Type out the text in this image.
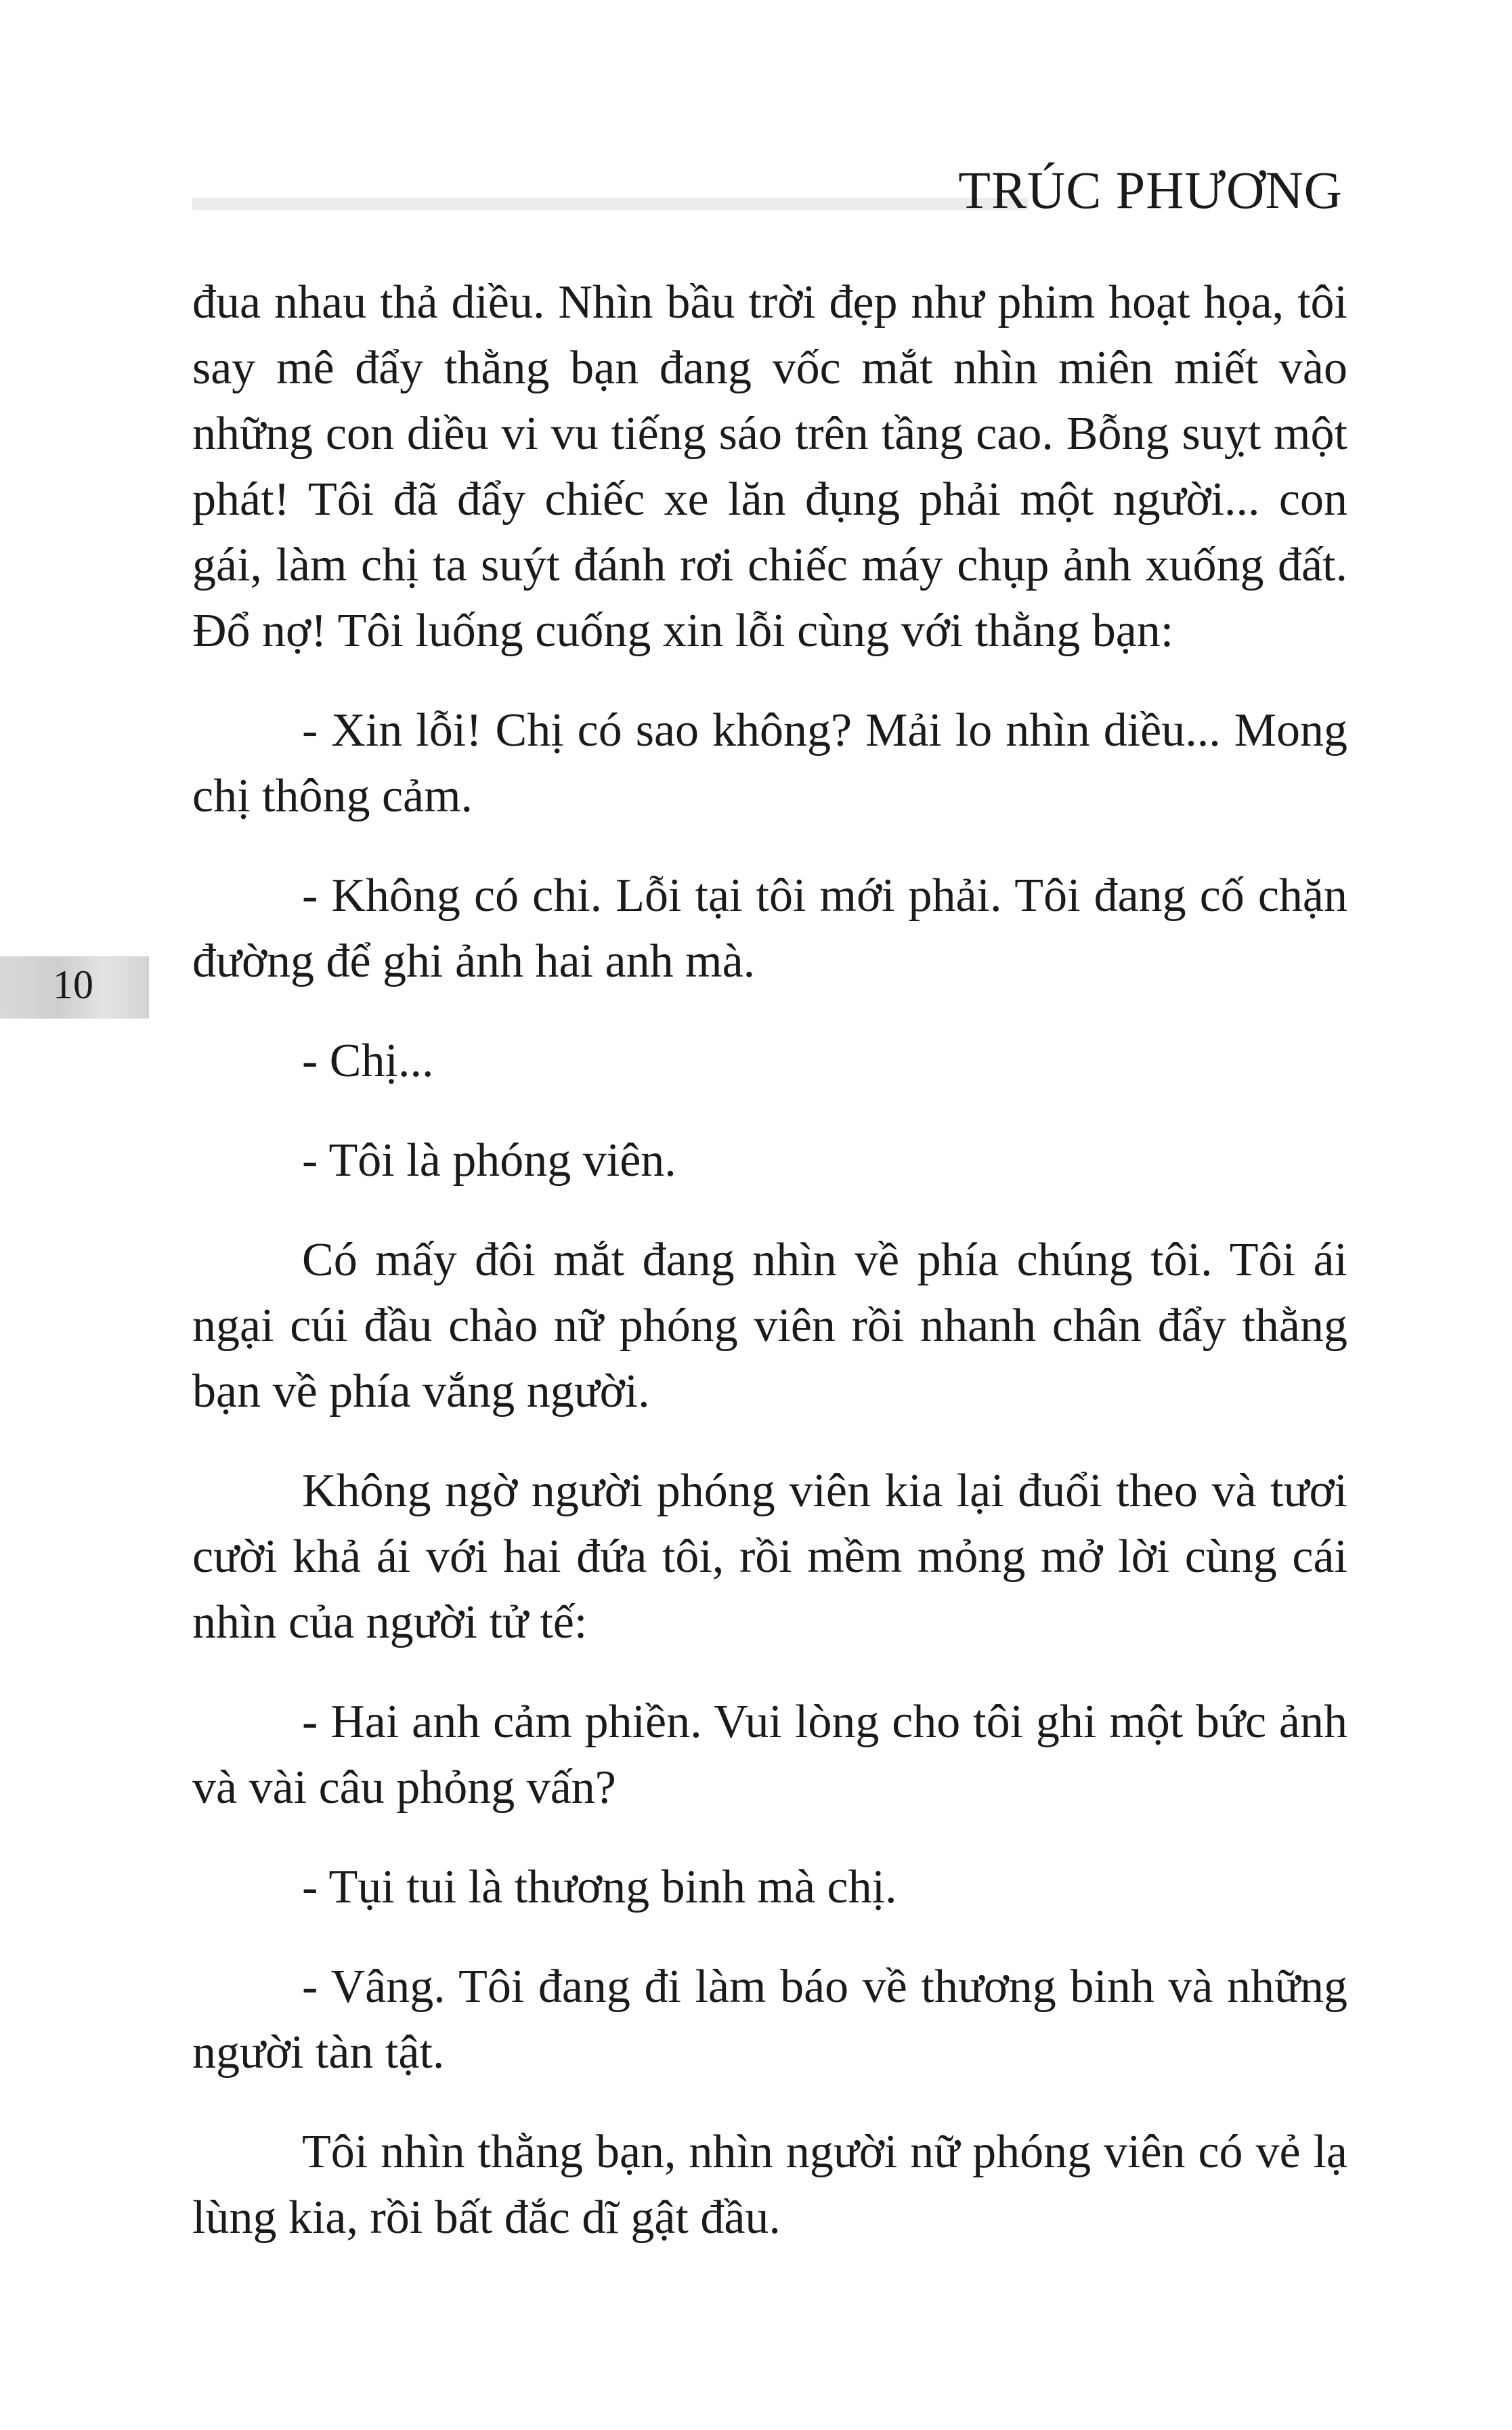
TRÚC PHƯƠNG
10

đua nhau thả diều. Nhìn bầu trời đẹp như phim hoạt họa, tôi say mê đẩy thằng bạn đang vốc mắt nhìn miên miết vào những con diều vi vu tiếng sáo trên tầng cao. Bỗng suỵt một phát! Tôi đã đẩy chiếc xe lăn đụng phải một người... con gái, làm chị ta suýt đánh rơi chiếc máy chụp ảnh xuống đất. Đổ nợ! Tôi luống cuống xin lỗi cùng với thằng bạn:

- Xin lỗi! Chị có sao không? Mải lo nhìn diều... Mong chị thông cảm.

- Không có chi. Lỗi tại tôi mới phải. Tôi đang cố chặn đường để ghi ảnh hai anh mà.

- Chị...

- Tôi là phóng viên.

Có mấy đôi mắt đang nhìn về phía chúng tôi. Tôi ái ngại cúi đầu chào nữ phóng viên rồi nhanh chân đẩy thằng bạn về phía vắng người.

Không ngờ người phóng viên kia lại đuổi theo và tươi cười khả ái với hai đứa tôi, rồi mềm mỏng mở lời cùng cái nhìn của người tử tế:

- Hai anh cảm phiền. Vui lòng cho tôi ghi một bức ảnh và vài câu phỏng vấn?

- Tụi tui là thương binh mà chị.

- Vâng. Tôi đang đi làm báo về thương binh và những người tàn tật.

Tôi nhìn thằng bạn, nhìn người nữ phóng viên có vẻ lạ lùng kia, rồi bất đắc dĩ gật đầu.
